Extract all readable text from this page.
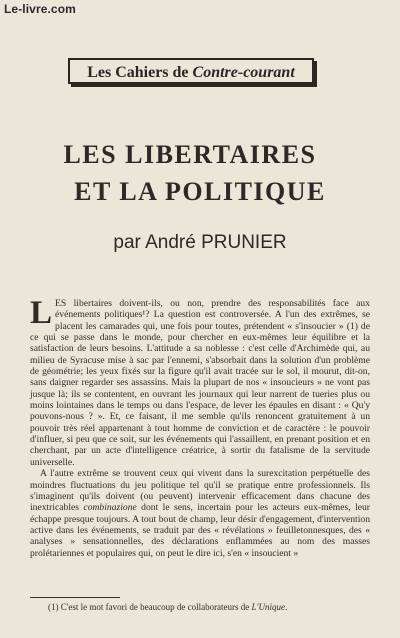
Le-livre.com
Les Cahiers de Contre-courant
LES LIBERTAIRES
ET LA POLITIQUE
par André PRUNIER

LES libertaires doivent-ils, ou non, prendre des responsabilités face aux événements politiques¹? La question est controversée. A l'un des extrêmes, se placent les camarades qui, une fois pour toutes, prétendent « s'insoucier » (1) de ce qui se passe dans le monde, pour chercher en eux-mêmes leur équilibre et la satisfaction de leurs besoins. L'attitude a sa noblesse : c'est celle d'Archimède qui, au milieu de Syracuse mise à sac par l'ennemi, s'absorbait dans la solution d'un problème de géométrie; les yeux fixés sur la figure qu'il avait tracée sur le sol, il mourut, dit-on, sans daigner regarder ses assassins. Mais la plupart de nos « insoucieurs » ne vont pas jusque là; ils se contentent, en ouvrant les journaux qui leur narrent de tueries plus ou moins lointaines dans le temps ou dans l'espace, de lever les épaules en disant : « Qu'y pouvons-nous ? ». Et, ce faisant, il me semble qu'ils renoncent gratuitement à un pouvoir très réel appartenant à tout homme de conviction et de caractère : le pouvoir d'influer, si peu que ce soit, sur les événements qui l'assaillent, en prenant position et en cherchant, par un acte d'intelligence créatrice, à sortir du fatalisme de la servitude universelle.

A l'autre extrême se trouvent ceux qui vivent dans la surexcitation perpétuelle des moindres fluctuations du jeu politique tel qu'il se pratique entre professionnels. Ils s'imaginent qu'ils doivent (ou peuvent) intervenir efficacement dans chacune des inextricables combinazione dont le sens, incertain pour les acteurs eux-mêmes, leur échappe presque toujours. A tout bout de champ, leur désir d'engagement, d'intervention active dans les événements, se traduit par des « révélations » feuilletonnesques, des « analyses » sensationnelles, des déclarations enflammées au nom des masses prolétariennes et populaires qui, on peut le dire ici, s'en « insoucient »

(1) C'est le mot favori de beaucoup de collaborateurs de L'Unique.
